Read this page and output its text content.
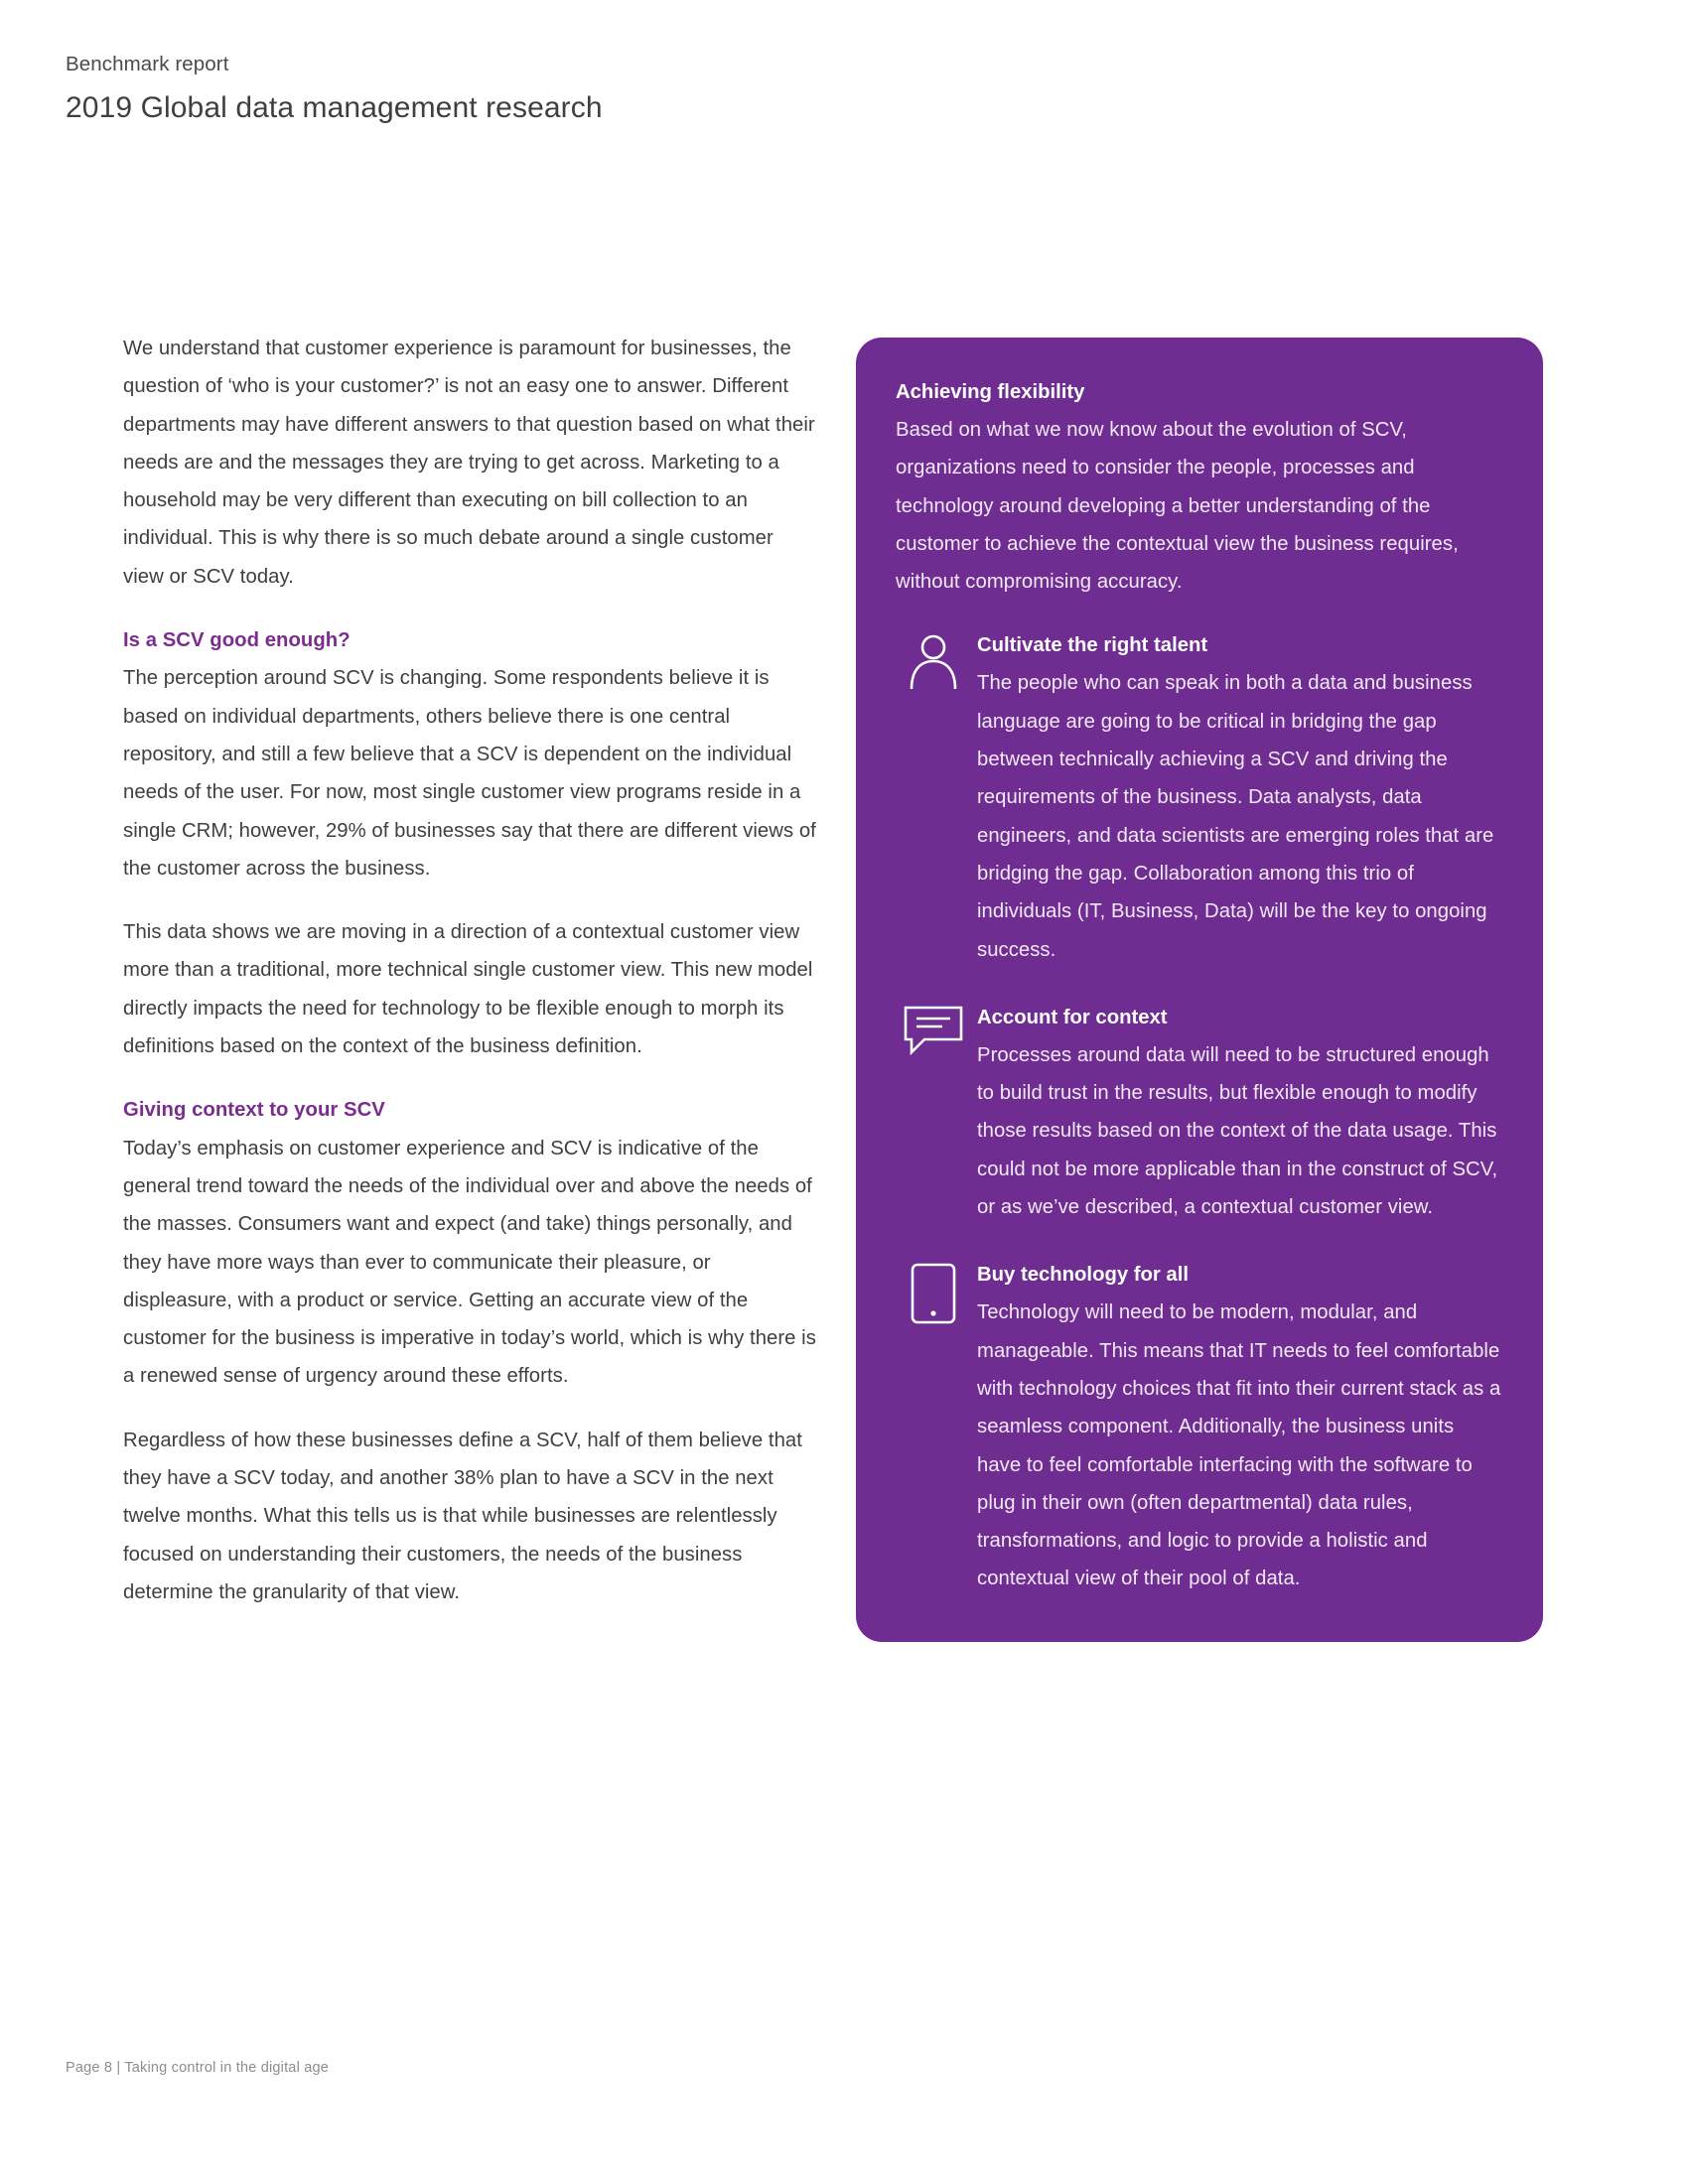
Benchmark report
2019 Global data management research

We understand that customer experience is paramount for businesses, the question of ‘who is your customer?’ is not an easy one to answer. Different departments may have different answers to that question based on what their needs are and the messages they are trying to get across. Marketing to a household may be very different than executing on bill collection to an individual. This is why there is so much debate around a single customer view or SCV today.

Is a SCV good enough?

The perception around SCV is changing. Some respondents believe it is based on individual departments, others believe there is one central repository, and still a few believe that a SCV is dependent on the individual needs of the user. For now, most single customer view programs reside in a single CRM; however, 29% of businesses say that there are different views of the customer across the business.

This data shows we are moving in a direction of a contextual customer view more than a traditional, more technical single customer view. This new model directly impacts the need for technology to be flexible enough to morph its definitions based on the context of the business definition.

Giving context to your SCV

Today’s emphasis on customer experience and SCV is indicative of the general trend toward the needs of the individual over and above the needs of the masses. Consumers want and expect (and take) things personally, and they have more ways than ever to communicate their pleasure, or displeasure, with a product or service. Getting an accurate view of the customer for the business is imperative in today’s world, which is why there is a renewed sense of urgency around these efforts.

Regardless of how these businesses define a SCV, half of them believe that they have a SCV today, and another 38% plan to have a SCV in the next twelve months. What this tells us is that while businesses are relentlessly focused on understanding their customers, the needs of the business determine the granularity of that view.

Achieving flexibility
Based on what we now know about the evolution of SCV, organizations need to consider the people, processes and technology around developing a better understanding of the customer to achieve the contextual view the business requires, without compromising accuracy.

Cultivate the right talent

The people who can speak in both a data and business language are going to be critical in bridging the gap between technically achieving a SCV and driving the requirements of the business. Data analysts, data engineers, and data scientists are emerging roles that are bridging the gap. Collaboration among this trio of individuals (IT, Business, Data) will be the key to ongoing success.

Account for context

Processes around data will need to be structured enough to build trust in the results, but flexible enough to modify those results based on the context of the data usage. This could not be more applicable than in the construct of SCV, or as we’ve described, a contextual customer view.

Buy technology for all

Technology will need to be modern, modular, and manageable. This means that IT needs to feel comfortable with technology choices that fit into their current stack as a seamless component. Additionally, the business units have to feel comfortable interfacing with the software to plug in their own (often departmental) data rules, transformations, and logic to provide a holistic and contextual view of their pool of data.

Page 8 | Taking control in the digital age
